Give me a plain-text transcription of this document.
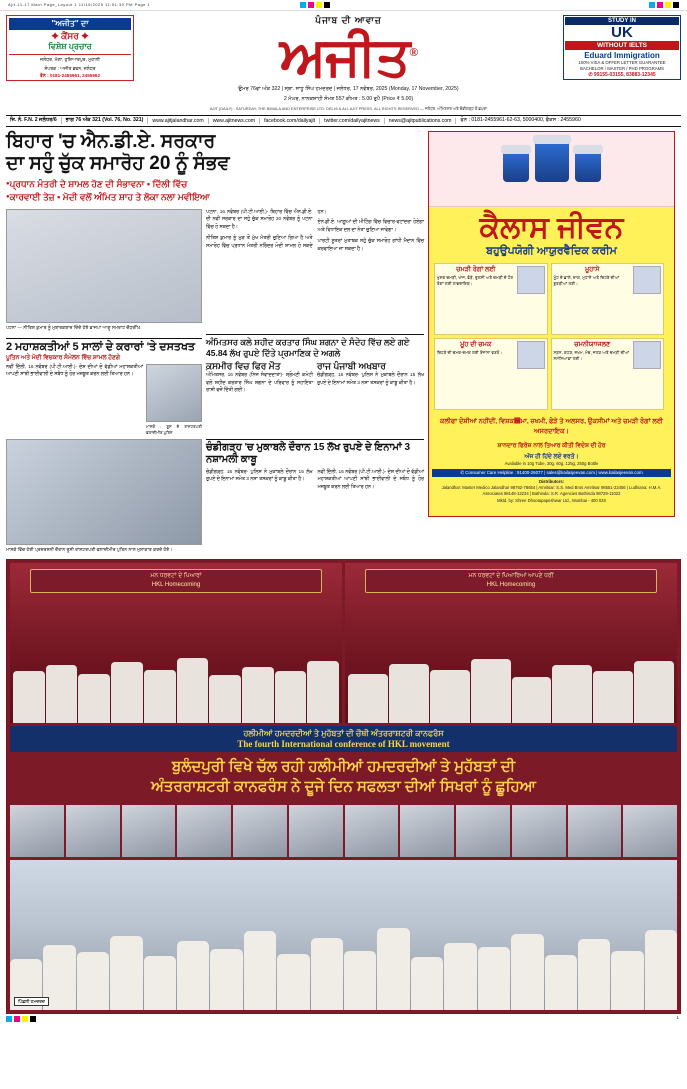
Ajit-11-17 Main Page_Layout 1 11/16/2025 11:51:30 PM Page 1
"ਅਜੀਤ" ਦਾ
✦ ਕੈਂਸਰ ✦
ਵਿਸ਼ੇਸ਼ ਪ੍ਰਚਾਰ
ਜਲੰਧਰ, ਮੋਗਾ, ਹੁਸ਼ਿਆਰਪੁਰ, ਮੁਹਾਲੀ
ਸੰਪਰਕ : ਅਜੀਤ ਭਵਨ, ਜਲੰਧਰ
ਫੋਨ : 0181-2455961, 2455962
ਪੰਜਾਬ ਦੀ ਆਵਾਜ਼
ਅਜੀਤ®
ਉਮਰ 76ਵਾਂ ਅੰਕ 322 | ਸ੍ਥਾ. ਸਾਧੂ ਸਿੰਘ ਹਮਦਰਦ | ਜਲੰਧਰ, 17 ਨਵੰਬਰ, 2025 (Monday, 17 November, 2025)
2 ਮੱਘਰ, ਨਾਨਕਸ਼ਾਹੀ ਸੰਮਤ 557 ਕੀਮਤ : 5.00 ਰੁਪੈ (Price ₹ 5.00)
AJIT (DAILY) : SATURDAY, THE BIMALA AND ENTERPRISE LTD. DELHI & ALL AJIT PRESS, ALL RIGHTS RESERVED — ਜਲੰਧਰ, ਅੰਮਿ਼ਰਸਰ ਅਤੇ ਚੰਡੀਗੜ੍ਹ ਤੋਂ ਛਪਦਾ
STUDY IN
UK
WITHOUT IELTS
Eduard Immigration
100% VISA & OFFER LETTER GUARANTEE
BACHELOR / MASTER / PHD PROGRAMS
✆ 99155-03155, 83883-12345
ਜਿ. ਨੰ. F.N. 2 ਜਲੰਧਰ/6	ਭਾਗ 76 ਅੰਕ 321 (Vol. 76, No. 321)	www.ajitjalandhar.com	www.ajitnews.com	facebook.com/dailyajit	twitter.com/dailyajitnews	news@ajitpublications.com	ਫੋਨ : 0181-2455961-62-63, 5000400, ਫੈਕਸ : 2455960
ਬਿਹਾਰ 'ਚ ਐਨ.ਡੀ.ਏ. ਸਰਕਾਰ
ਦਾ ਸਹੁੰ ਚੁੱਕ ਸਮਾਰੋਹ 20 ਨੂੰ ਸੰਭਵ
● ਪ੍ਰਧਾਨ ਮੰਤਰੀ ਦੇ ਸ਼ਾਮਲ ਹੋਣ ਦੀ ਸੰਭਾਵਨਾ • ਦਿੱਲੀ ਵਿੱਚ
● ਕਾਰਵਾਈ ਤੇਜ਼ • ਮੋਦੀ ਵਲੋਂ ਅੰਮਿਤ ਸ਼ਾਹ ਤੇ ਲੋਕਾ ਨਲਾ ਮਵੀਇਆ
ਪਟਨਾ — ਨੀਤਿਸ਼ ਕੁਮਾਰ ਨੂੰ ਮੁਬਾਰਕਬਾਦ ਦਿੰਦੇ ਹੋਏ ਭਾਜਪਾ ਆਗੂ ਸਮਰਾਟ ਚੌਧਰੀੀ4

ਪਟਨਾ, 16 ਨਵੰਬਰ (ਪੀ.ਟੀ.ਆਈ.)- ਬਿਹਾਰ ਵਿੱਚ ਐਨ.ਡੀ.ਏ. ਦੀ ਨਵੀਂ ਸਰਕਾਰ ਦਾ ਸਹੁੰ ਚੁੱਕ ਸਮਾਰੋਹ 20 ਨਵੰਬਰ ਨੂੰ ਪਟਨਾ ਵਿੱਚ ਹੋ ਸਕਦਾ ਹੈ।

ਨੀਤਿਸ਼ ਕੁਮਾਰ ਨੂੰ ਮੁੜ ਤੋਂ ਮੁੱਖ ਮੰਤਰੀ ਚੁਣਿਆ ਗਿਆ ਹੈ ਅਤੇ ਸਮਾਰੋਹ ਵਿੱਚ ਪ੍ਰਧਾਨ ਮੰਤਰੀ ਨਰਿੰਦਰ ਮੋਦੀ ਸ਼ਾਮਲ ਹੋ ਸਕਦੇ ਹਨ।

ਏਨ.ਡੀ.ਏ. ਆਗੂਆਂ ਦੀ ਮੀਟਿੰਗ ਵਿੱਚ ਵਿਚਾਰ-ਵਟਾਂਦਰਾ ਹੋਏਗਾ ਅਤੇ ਵਿਧਾਇਕ ਦਲ ਦਾ ਨੇਤਾ ਚੁਣਿਆ ਜਾਵੇਗਾ।

ਪਾਰਟੀ ਸੂਤਰਾਂ ਮੁਤਾਬਕ ਸਹੁੰ ਚੁੱਕ ਸਮਾਰੋਹ ਗਾਂਧੀ ਮੈਦਾਨ ਵਿੱਚ ਕਰਵਾਇਆ ਜਾ ਸਕਦਾ ਹੈ।

2 ਮਹਾਸ਼ਕਤੀਆਂ 5 ਸਾਲਾਂ ਦੇ ਕਰਾਰਾਂ 'ਤੇ ਦਸਤਖਤ
ਪੂਤਿਨ ਅਤੇ ਮੋਦੀ ਵਿਚਕਾਰ ਸੰਮੇਲਨ ਵਿੱਚ ਸ਼ਾਮਲ ਹੋਣਗੇ

ਨਵੀਂ ਦਿੱਲੀ, 16 ਨਵੰਬਰ (ਪੀ.ਟੀ.ਆਈ.)- ਦੇਸ਼ ਦੀਆਂ ਦੋ ਵੱਡੀਆਂ ਮਹਾਸ਼ਕਤੀਆਂ ਆਪਣੀ ਸਾਂਝੀ ਭਾਈਵਾਲੀ ਦੇ ਸਬੰਧ ਨੂੰ ਹੋਰ ਮਜ਼ਬੂਤ ਕਰਨ ਲਈ ਤਿਆਰ ਹਨ।

ਮਾਸਕੋ : ਰੂਸ ਦੇ ਰਾਸ਼ਟਰਪਤੀ ਵਲਾਦੀਮੀਰ ਪੁਤਿਨ
ਅੰਮਿਤਸਰ ਕਲੇ ਸ਼ਹੀਦ ਕਰਤਾਰ ਸਿੰਘ ਸ਼ਗਨਾ ਦੇ ਸੰਦੇਹ ਵਿੱਚ ਲਏ ਗਏ 45.84 ਲੱਖ ਰੁਪਏ ਦਿੱਤੇ ਪ੍ਰਮਾਣਿਕ ਦੇ ਅਗਲੇ
ਕ਼ਸਮੀਰ ਵਿਚ ਫਿਰ ਮੌਤ

ਅੰਮਿਤਸਰ, 16 ਨਵੰਬਰ (ਨਿਜ ਸੰਵਾਦਦਾਤਾ)- ਸ਼੍ਰੋਮਣੀ ਕਮੇਟੀ ਵਲੋਂ ਸ਼ਹੀਦ ਕਰਤਾਰ ਸਿੰਘ ਸ਼ਗਨਾ ਦੇ ਪਰਿਵਾਰ ਨੂੰ ਸਹਾਇਤਾ ਰਾਸ਼ੀ ਵਜੋਂ ਦਿੱਤੀ ਗਈ।

ਰਾਜ ਪੰਜਾਬੀ ਅਖਬਾਰ

ਚੰਡੀਗੜ੍ਹ, 16 ਨਵੰਬਰ- ਪੁਲਿਸ ਨੇ ਮੁਕਾਬਲੇ ਦੌਰਾਨ 15 ਲੱਖ ਰੁਪਏ ਦੇ ਇਨਾਮਾਂ ਸਮੇਤ 3 ਨਸ਼ਾ ਤਸਕਰਾਂ ਨੂੰ ਕਾਬੂ ਕੀਤਾ ਹੈ।

ਮਾਸਕੋ ਵਿੱਚ ਹੋਈ ਪ੍ਰਦਰਸ਼ਨੀ ਦੌਰਾਨ ਰੂਸੀ ਰਾਸ਼ਟਰਪਤੀ ਵਲਾਦੀਮੀਰ ਪੁਤਿਨ ਨਾਲ ਮੁਲਾਕਾਤ ਕਰਦੇ ਹੋਏ।
ਚੰਡੀਗੜ੍ਹ 'ਚ ਮੁਕਾਬਲੇ ਦੌਰਾਨ 15 ਲੱਖ ਰੁਪਏ ਦੇ ਇਨਾਮਾਂ 3 ਨਸ਼ਾਮਲੀ ਕਾਬੂ

ਚੰਡੀਗੜ੍ਹ, 16 ਨਵੰਬਰ- ਪੁਲਿਸ ਨੇ ਮੁਕਾਬਲੇ ਦੌਰਾਨ 15 ਲੱਖ ਰੁਪਏ ਦੇ ਇਨਾਮਾਂ ਸਮੇਤ 3 ਨਸ਼ਾ ਤਸਕਰਾਂ ਨੂੰ ਕਾਬੂ ਕੀਤਾ ਹੈ।

ਨਵੀਂ ਦਿੱਲੀ, 16 ਨਵੰਬਰ (ਪੀ.ਟੀ.ਆਈ.)- ਦੇਸ਼ ਦੀਆਂ ਦੋ ਵੱਡੀਆਂ ਮਹਾਸ਼ਕਤੀਆਂ ਆਪਣੀ ਸਾਂਝੀ ਭਾਈਵਾਲੀ ਦੇ ਸਬੰਧ ਨੂੰ ਹੋਰ ਮਜ਼ਬੂਤ ਕਰਨ ਲਈ ਤਿਆਰ ਹਨ।

ਕੈਲਾਸ ਜੀਵਨ
ਬਹੁਉਪਯੋਗੀ ਆਯੁਰਵੈਦਿਕ ਕਰੀਮ
ਚਮੜੀ ਰੋਗਾਂ ਲਈ

ਖੁਸ਼ਕ ਚਮੜੀ, ਖਾਜ, ਫੋੜੇ, ਝੁਲਸੀ ਅਤੇ ਚਮੜੀ ਦੇ ਹੋਰ ਰੋਗਾਂ ਲਈ ਲਾਭਦਾਇਕ।

ਮੂਹਾਸੇ

ਮੂੰਹ ਦੇ ਛਾਲੇ, ਦਾਗ, ਮੁਹਾਸੇ ਅਤੇ ਚਿਹਰੇ ਦੀਆਂ ਝੁਰੜੀਆਂ ਲਈ।

ਮੂਂਹ ਦੀ ਚਮਕ

ਚਿਹਰੇ ਦੀ ਚਮਕ-ਦਮਕ ਲਈ ਰੋਜ਼ਾਨਾ ਵਰਤੋ।

ਚਮਨੀਯਾ/ਜਲਣ

ਸੜਨ, ਕਟਣ, ਜ਼ਖਮ, ਮੋਚ, ਜਲਣ ਅਤੇ ਚਮੜੀ ਦੀਆਂ ਸਮੱਸਿਆਵਾਂ ਲਈ।

ਕਲੀਫਾ ਦੋਸ਼ੀਆਂ ਨਹੀਂਦੀਂ, ਵਿਸ਼ਕ਱ਮਾ, ਜ਼ਖਮੀ, ਫੋੜੇ ਤੇ ਅਲਸਰ, ਉਕਸੀਮਾਂ ਅਤੇ ਚਮੜੀ ਰੋਗਾਂ ਲਈ ਅਸਰਦਾਇਕ।
ਸ਼ਾਨਦਾਰ ਫਿਰੋਜ਼ ਨਾਲ ਤਿਆਰ ਕੀਤੀ ਵਿਦੇਸ਼ ਦੀ ਹੋਰ
ਅੱਜ ਹੀ ਹਿਂਦੇ ਲਏ ਵਰਤੋ।
Available in 10g Tube, 30g, 60g, 125g, 250g Bottle
✆ Consumer Care Helpline : 91400-26077 | sales@kailasjeevan.com | www.kailasjeevan.com
Distributors:
Jalandhar: Master Medico Jalandhar 98762-78654 | Amritsar: S.S. Med Bros Amritsar 98551-22456 | Ludhiana: H.M.A. Associates 98148-12234 | Bathinda: S.R. Agencies Bathinda 98729-11022
Mktd. by: Shree Dhootapapeshwar Ltd., Mumbai - 400 028
ਮਨ ਧਰਵਟਾਂ ਦੇ ਪਿਆਰਾਂ
HKL Homecoming
ਮਨ ਧਰਵਟਾਂ ਦੇ ਪਿਆਰਿਆਂ ਆਪਣੇ ਧਰੀਂ
HKL Homecoming
ਹਲੀਮੀਆਂ ਹਮਦਰਦੀਆਂ ਤੇ ਮੁਹੱਬਤਾਂ ਦੀ ਚੌਥੀ ਅੰਤਰਰਾਸ਼ਟਰੀ ਕਾਨਫਰੰਸ
The fourth International conference of HKL movement
ਬੁਲੰਦਪੁਰੀ ਵਿਖੇ ਚੱਲ ਰਹੀ ਹਲੀਮੀਆਂ ਹਮਦਰਦੀਆਂ ਤੇ ਮੁਹੱਬਤਾਂ ਦੀ
ਅੰਤਰਰਾਸ਼ਟਰੀ ਕਾਨਫਰੰਸ ਨੇ ਦੂਜੇ ਦਿਨ ਸਫਲਤਾ ਦੀਆਂ ਸਿਖਰਾਂ ਨੂੰ ਛੂਹਿਆ
ਪਿੱਛਲੀ ਹਮਦਰਦ
1
